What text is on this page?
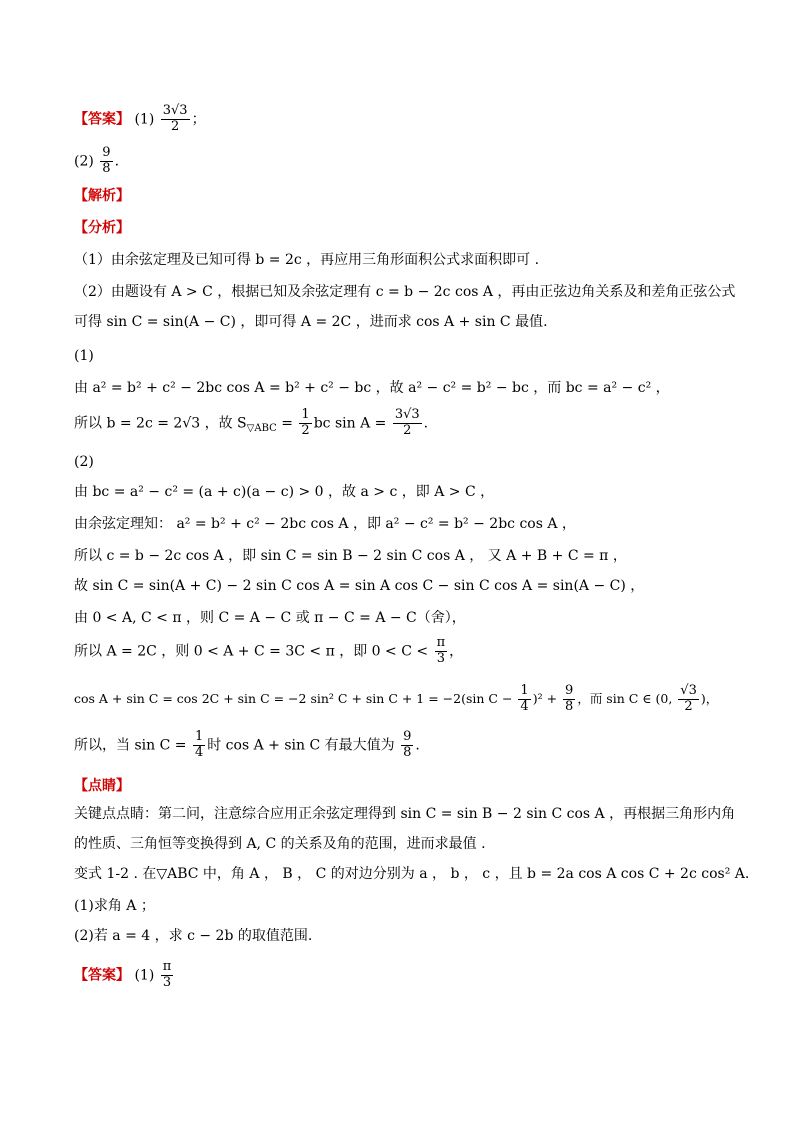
【答案】 $(1) \frac{3√3}{2}$ ；
$(2) \frac{9}{8}$ .
【解析】
【分析】
（1）由余弦定理及已知可得 b = 2c ，再应用三角形面积公式求面积即可 .
（2）由题设有 A > C ，根据已知及余弦定理有 c = b − 2c cos A ，再由正弦边角关系及和差角正弦公式
可得 sin C = sin(A − C) ，即可得 A = 2C ，进而求 cos A + sin C 最值.
(1)
由 a² = b² + c² − 2bc cos A = b² + c² − bc ，故 a² − c² = b² − bc ，而 bc = a² − c² ，
所以 b = 2c = 2√3 ，故 $S_{▽ABC} = \frac{1}{2}$ bc $\sin A = \frac{3√3}{2}$ .
(2)
由 bc = a² − c² = (a + c)(a − c) > 0 ，故 a > c ，即 A > C ，
由余弦定理知： a² = b² + c² − 2bc cos A ，即 a² − c² = b² − 2bc cos A ，
所以 c = b − 2c cos A ，即 sin C = sin B − 2 sin C cos A ， 又 A + B + C = π ，
故 sin C = sin(A + C) − 2 sin C cos A = sin A cos C − sin C cos A = sin(A − C) ，
由 0 < A, C < π ，则 C = A − C 或 π − C = A − C（舍），
所以 A = 2C ，则 0 < A + C = 3C < π ，即 $0 < C < \frac{\pi}{3}$ ，
cos A + sin C = cos 2C + sin C = −2 sin² C + sin C + 1 = −2(sin $C - \frac{1}{4} )^2 + \frac{9}{8}$ ，而 sin C ∈ (0, $\frac{√3}{2}$ )，
所以，当 $\sin C = \frac{1}{4}$ 时 cos A + sin C 有最大值为 $\frac{9}{8}$ .
【点睛】
关键点点睛：第二问，注意综合应用正余弦定理得到 sin C = sin B − 2 sin C cos A ，再根据三角形内角
的性质、三角恒等变换得到 A, C 的关系及角的范围，进而求最值 .
变式 1-2 . 在▽ABC 中，角 A ， B ， C 的对边分别为 a ， b ， c ，且 b = 2a cos A cos C + 2c cos² A.
(1)求角 A ；
(2)若 a = 4 ，求 c − 2b 的取值范围.
【答案】 $(1) \frac{\pi}{3}$
